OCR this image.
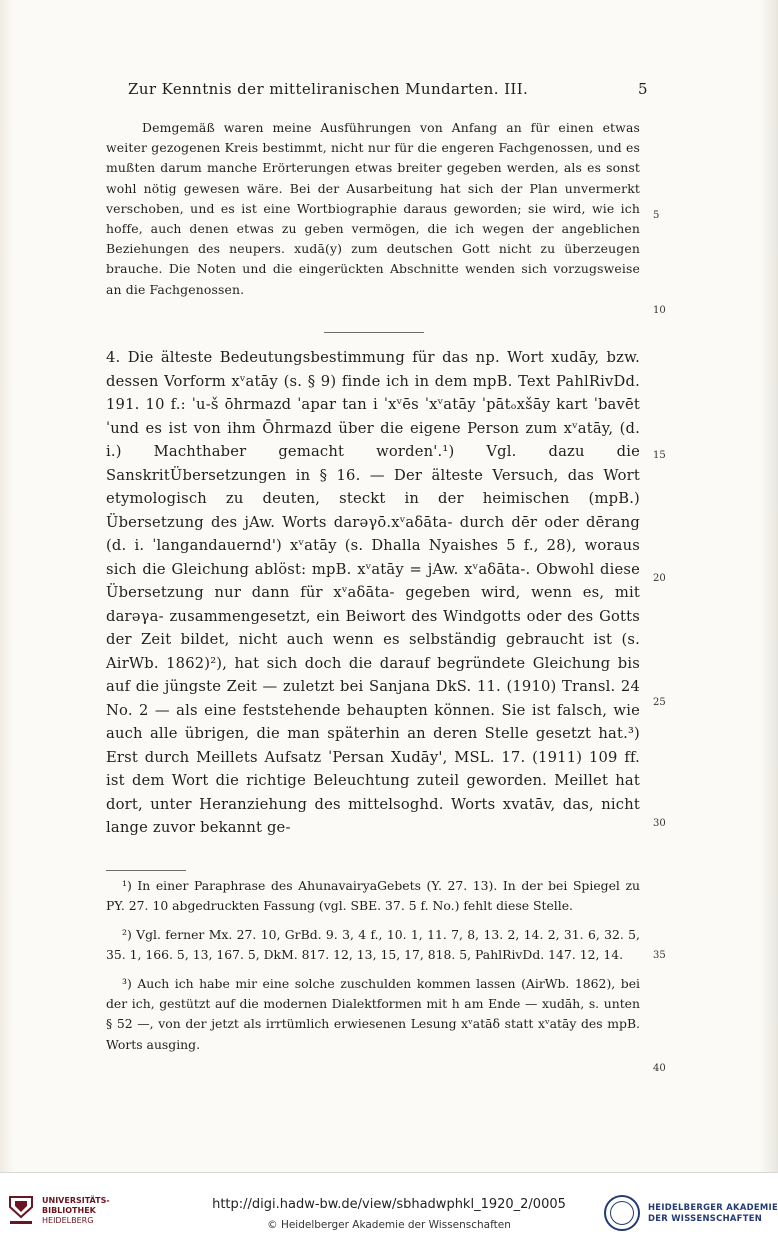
Zur Kenntnis der mitteliranischen Mundarten. III.	5

Demgemäß waren meine Ausführungen von Anfang an für einen etwas weiter gezogenen Kreis bestimmt, nicht nur für die engeren Fachgenossen, und es mußten darum manche Erörterungen etwas breiter gegeben werden, als es sonst wohl nötig gewesen wäre. Bei der Ausarbeitung hat sich der Plan unvermerkt verschoben, und es ist eine Wortbiographie daraus geworden; sie wird, wie ich hoffe, auch denen etwas zu geben vermögen, die ich wegen der angeblichen Beziehungen des neupers. xudā(y) zum deutschen Gott nicht zu überzeugen brauche. Die Noten und die eingerückten Abschnitte wenden sich vorzugsweise an die Fachgenossen.

4. Die älteste Bedeutungsbestimmung für das np. Wort xudāy, bzw. dessen Vorform xᵛatāy (s. § 9) finde ich in dem mpB. Text PahlRivDd. 191. 10 f.: ˈu-š ōhrmazd ˈapar tan i ˈxᵛēs ˈxᵛatāy ˈpātₒxšāy kart ˈbavēt ˈund es ist von ihm Ōhrmazd über die eigene Person zum xᵛatāy, (d. i.) Machthaber gemacht worden'.¹) Vgl. dazu die SanskritÜbersetzungen in § 16. — Der älteste Versuch, das Wort etymologisch zu deuten, steckt in der heimischen (mpB.) Übersetzung des jAw. Worts darəγō.xᵛaδāta- durch dēr oder dērang (d. i. ˈlangandauernd') xᵛatāy (s. Dhalla Nyaishes 5 f., 28), woraus sich die Gleichung ablöst: mpB. xᵛatāy = jAw. xᵛaδāta-. Obwohl diese Übersetzung nur dann für xᵛaδāta- gegeben wird, wenn es, mit darəγa- zusammengesetzt, ein Beiwort des Windgotts oder des Gotts der Zeit bildet, nicht auch wenn es selbständig gebraucht ist (s. AirWb. 1862)²), hat sich doch die darauf begründete Gleichung bis auf die jüngste Zeit — zuletzt bei Sanjana DkS. 11. (1910) Transl. 24 No. 2 — als eine feststehende behaupten können. Sie ist falsch, wie auch alle übrigen, die man späterhin an deren Stelle gesetzt hat.³) Erst durch Meillets Aufsatz ˈPersan Xudāy', MSL. 17. (1911) 109 ff. ist dem Wort die richtige Beleuchtung zuteil geworden. Meillet hat dort, unter Heranziehung des mittelsoghd. Worts xvatāv, das, nicht lange zuvor bekannt ge-

¹) In einer Paraphrase des AhunavairyaGebets (Y. 27. 13). In der bei Spiegel zu PY. 27. 10 abgedruckten Fassung (vgl. SBE. 37. 5 f. No.) fehlt diese Stelle.

²) Vgl. ferner Mx. 27. 10, GrBd. 9. 3, 4 f., 10. 1, 11. 7, 8, 13. 2, 14. 2, 31. 6, 32. 5, 35. 1, 166. 5, 13, 167. 5, DkM. 817. 12, 13, 15, 17, 818. 5, PahlRivDd. 147. 12, 14.

³) Auch ich habe mir eine solche zuschulden kommen lassen (AirWb. 1862), bei der ich, gestützt auf die modernen Dialektformen mit h am Ende — xudāh, s. unten § 52 —, von der jetzt als irrtümlich erwiesenen Lesung xᵛatāδ statt xᵛatāy des mpB. Worts ausging.

5
10
15
20
25
30
35
40
UNIVERSITÄTS-
BIBLIOTHEK
HEIDELBERG
http://digi.hadw-bw.de/view/sbhadwphkl_1920_2/0005
© Heidelberger Akademie der Wissenschaften
HEIDELBERGER AKADEMIE
DER WISSENSCHAFTEN
